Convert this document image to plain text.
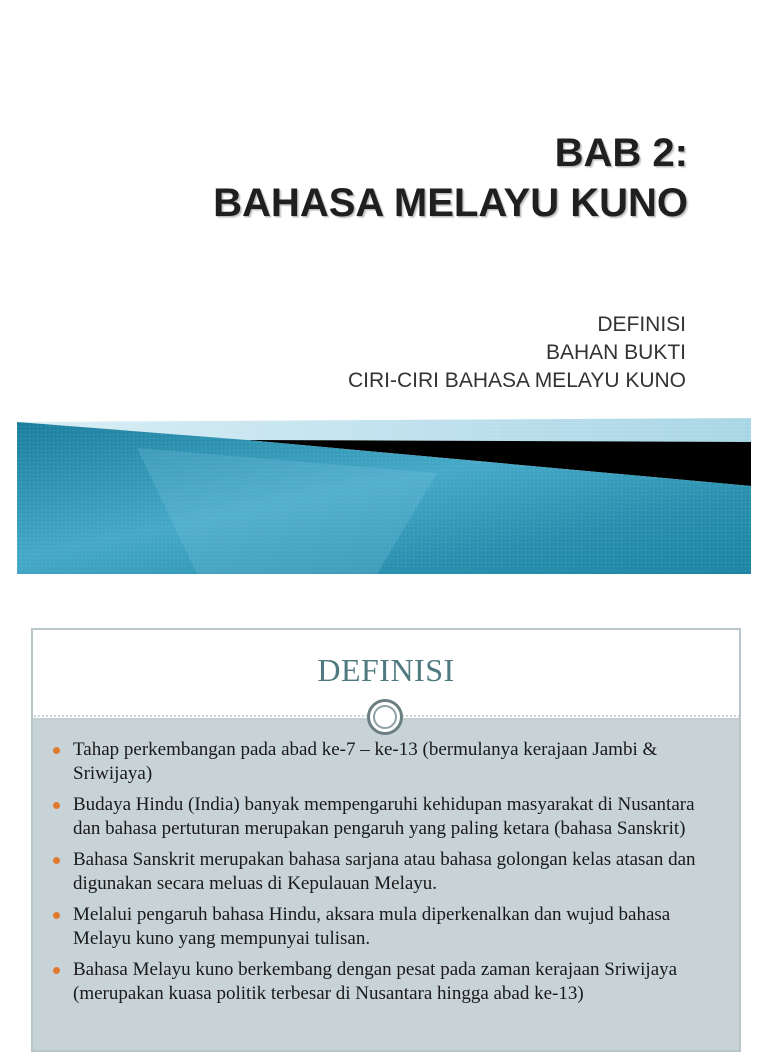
BAB 2:
BAHASA MELAYU KUNO
DEFINISI
BAHAN BUKTI
CIRI-CIRI BAHASA MELAYU KUNO
DEFINISI
Tahap perkembangan pada abad ke-7 – ke-13 (bermulanya kerajaan Jambi & Sriwijaya)
Budaya Hindu (India) banyak mempengaruhi kehidupan masyarakat di Nusantara dan bahasa pertuturan merupakan pengaruh yang paling ketara (bahasa Sanskrit)
Bahasa Sanskrit merupakan bahasa sarjana atau bahasa golongan kelas atasan dan digunakan secara meluas di Kepulauan Melayu.
Melalui pengaruh bahasa Hindu, aksara mula diperkenalkan dan wujud bahasa Melayu kuno yang mempunyai tulisan.
Bahasa Melayu kuno berkembang dengan pesat pada zaman kerajaan Sriwijaya (merupakan kuasa politik terbesar di Nusantara hingga abad ke-13)
